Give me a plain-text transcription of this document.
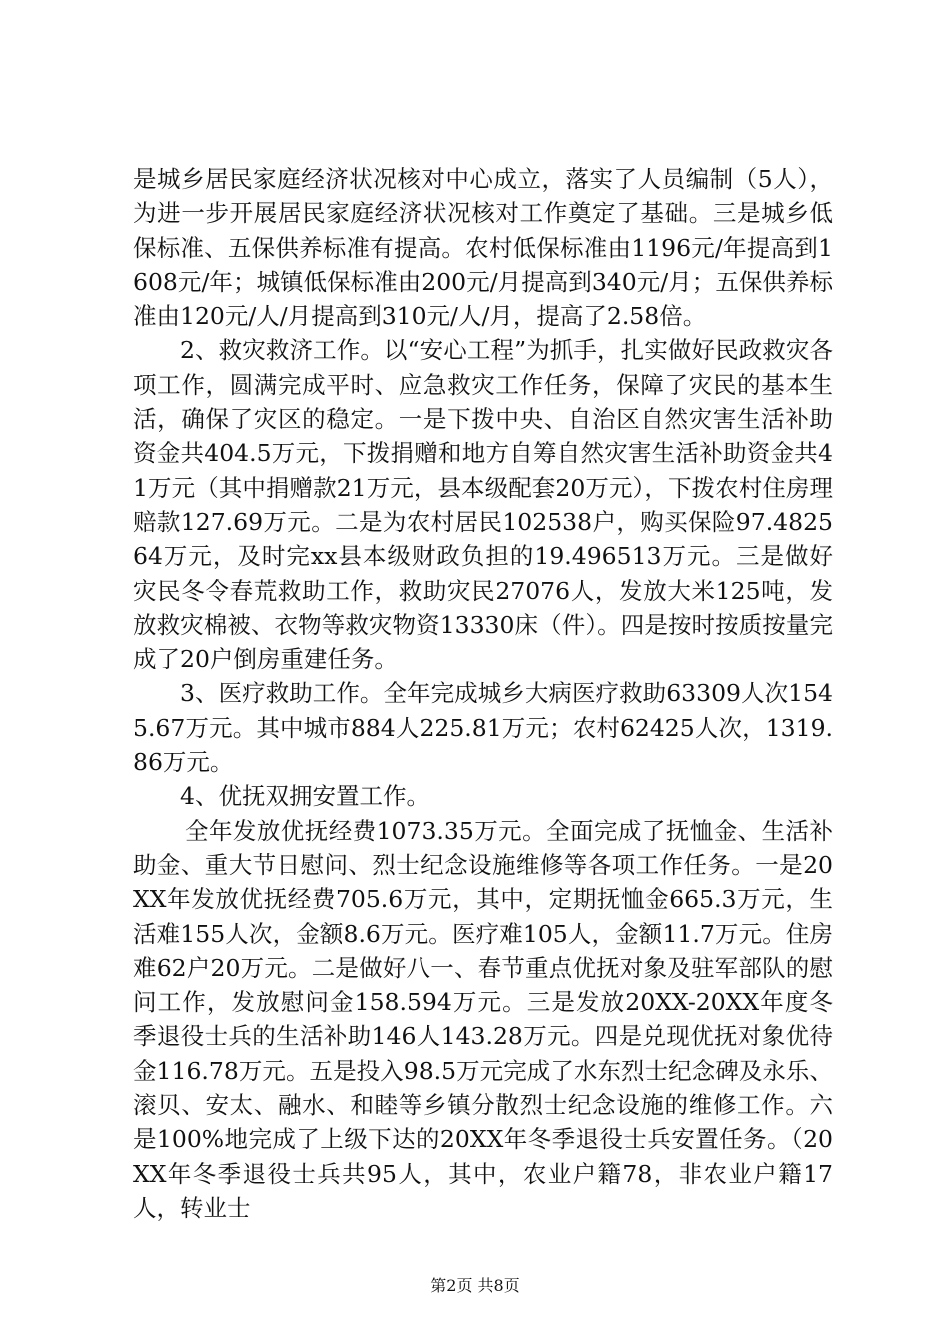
是城乡居民家庭经济状况核对中心成立，落实了人员编制（5人），为进一步开展居民家庭经济状况核对工作奠定了基础。三是城乡低保标准、五保供养标准有提高。农村低保标准由1196元/年提高到1608元/年；城镇低保标准由200元/月提高到340元/月；五保供养标准由120元/人/月提高到310元/人/月，提高了2.58倍。

2、救灾救济工作。以“安心工程”为抓手，扎实做好民政救灾各项工作，圆满完成平时、应急救灾工作任务，保障了灾民的基本生活，确保了灾区的稳定。一是下拨中央、自治区自然灾害生活补助资金共404.5万元，下拨捐赠和地方自筹自然灾害生活补助资金共41万元（其中捐赠款21万元，县本级配套20万元），下拨农村住房理赔款127.69万元。二是为农村居民102538户，购买保险97.482564万元，及时完xx县本级财政负担的19.496513万元。三是做好灾民冬令春荒救助工作，救助灾民27076人，发放大米125吨，发放救灾棉被、衣物等救灾物资13330床（件）。四是按时按质按量完成了20户倒房重建任务。

3、医疗救助工作。全年完成城乡大病医疗救助63309人次1545.67万元。其中城市884人225.81万元；农村62425人次，1319.86万元。

4、优抚双拥安置工作。

全年发放优抚经费1073.35万元。全面完成了抚恤金、生活补助金、重大节日慰问、烈士纪念设施维修等各项工作任务。一是20XX年发放优抚经费705.6万元，其中，定期抚恤金665.3万元，生活难155人次，金额8.6万元。医疗难105人，金额11.7万元。住房难62户20万元。二是做好八一、春节重点优抚对象及驻军部队的慰问工作，发放慰问金158.594万元。三是发放20XX-20XX年度冬季退役士兵的生活补助146人143.28万元。四是兑现优抚对象优待金116.78万元。五是投入98.5万元完成了水东烈士纪念碑及永乐、滚贝、安太、融水、和睦等乡镇分散烈士纪念设施的维修工作。六是100%地完成了上级下达的20XX年冬季退役士兵安置任务。（20XX年冬季退役士兵共95人，其中，农业户籍78，非农业户籍17人，转业士

第2页 共8页
